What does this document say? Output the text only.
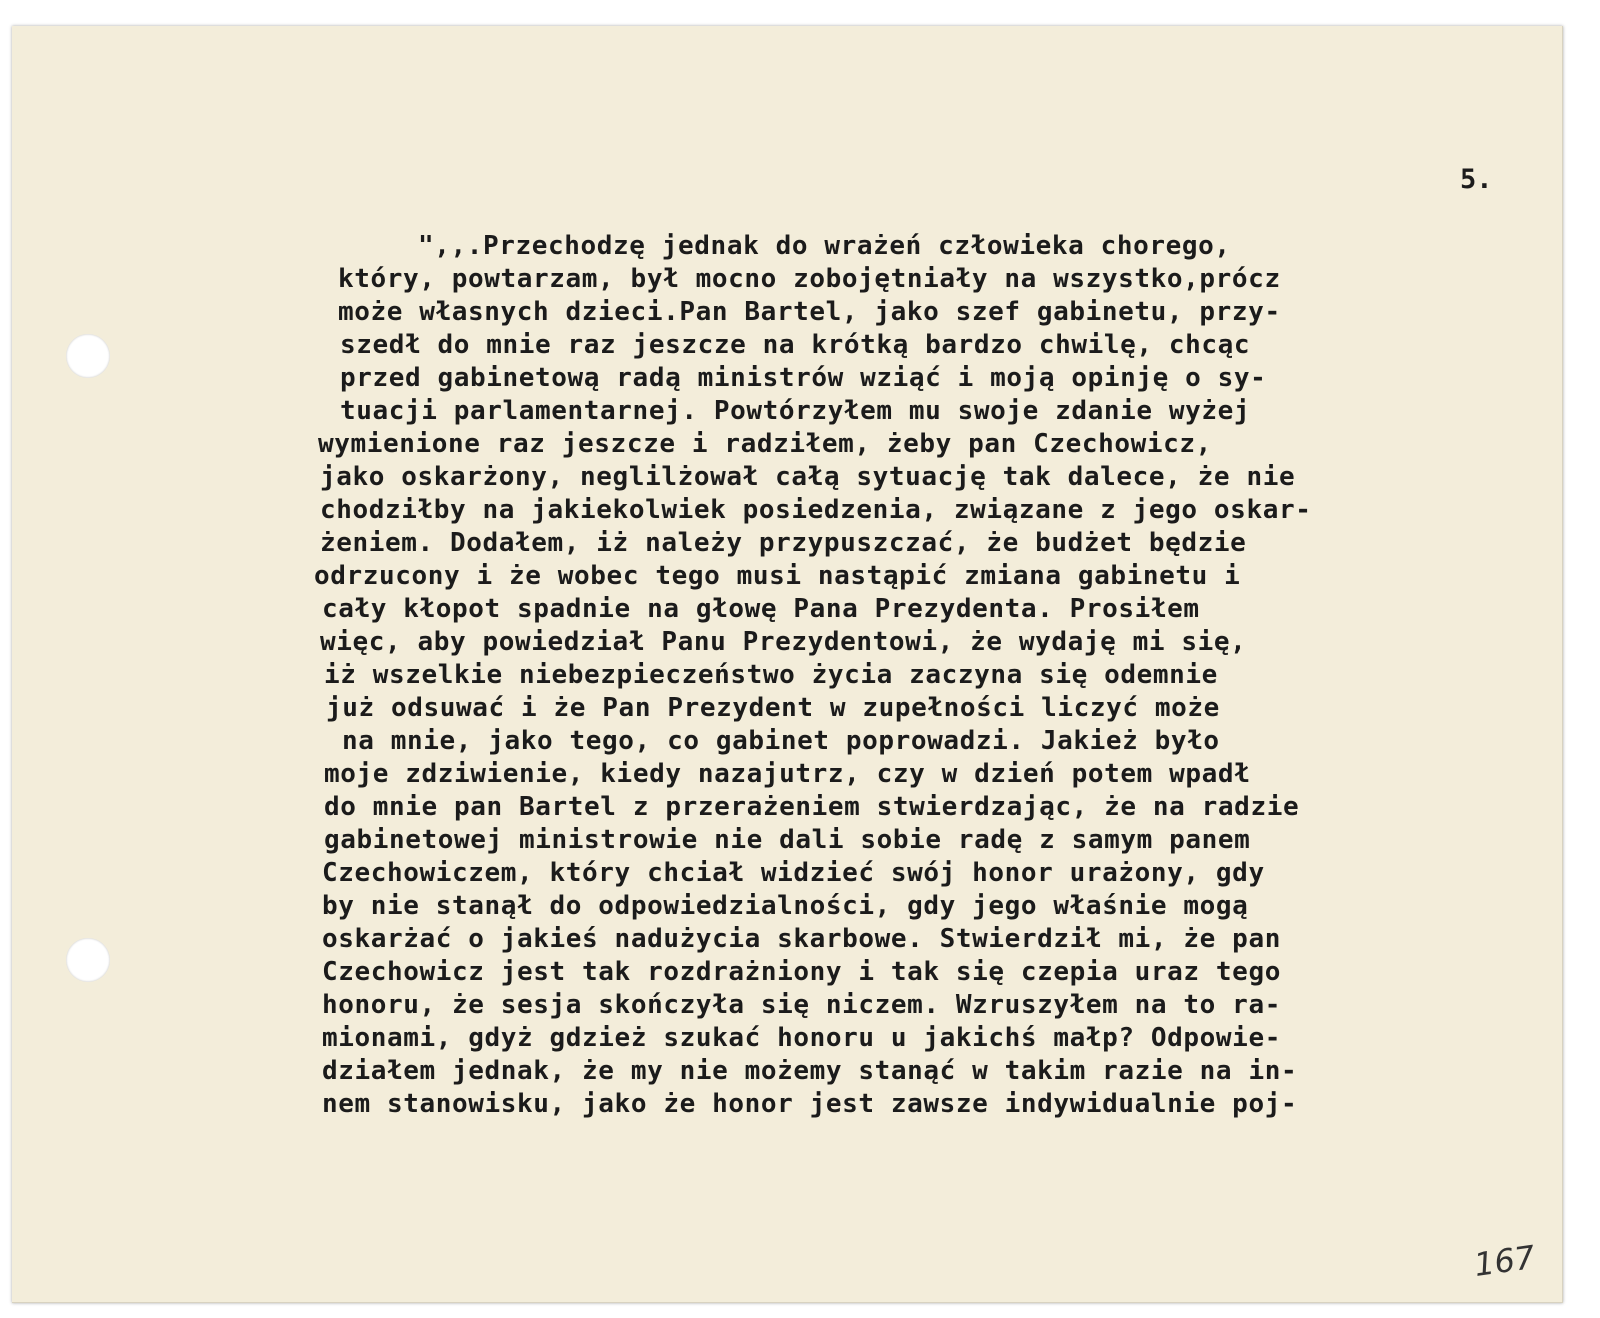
5.
",,.Przechodzę jednak do wrażeń człowieka chorego,
który, powtarzam, był mocno zobojętniały na wszystko,prócz
może własnych dzieci.Pan Bartel, jako szef gabinetu, przy-
szedł do mnie raz jeszcze na krótką bardzo chwilę, chcąc
przed gabinetową radą ministrów wziąć i moją opinję o sy-
tuacji parlamentarnej. Powtórzyłem mu swoje zdanie wyżej
wymienione raz jeszcze i radziłem, żeby pan Czechowicz,
jako oskarżony, neglilżował całą sytuację tak dalece, że nie
chodziłby na jakiekolwiek posiedzenia, związane z jego oskar-
żeniem. Dodałem, iż należy przypuszczać, że budżet będzie
odrzucony i że wobec tego musi nastąpić zmiana gabinetu i
cały kłopot spadnie na głowę Pana Prezydenta. Prosiłem
więc, aby powiedział Panu Prezydentowi, że wydaję mi się,
iż wszelkie niebezpieczeństwo życia zaczyna się odemnie
już odsuwać i że Pan Prezydent w zupełności liczyć może
na mnie, jako tego, co gabinet poprowadzi. Jakież było
moje zdziwienie, kiedy nazajutrz, czy w dzień potem wpadł
do mnie pan Bartel z przerażeniem stwierdzając, że na radzie
gabinetowej ministrowie nie dali sobie radę z samym panem
Czechowiczem, który chciał widzieć swój honor urażony, gdy
by nie stanął do odpowiedzialności, gdy jego właśnie mogą
oskarżać o jakieś nadużycia skarbowe. Stwierdził mi, że pan
Czechowicz jest tak rozdrażniony i tak się czepia uraz tego
honoru, że sesja skończyła się niczem. Wzruszyłem na to ra-
mionami, gdyż gdzież szukać honoru u jakichś małp? Odpowie-
działem jednak, że my nie możemy stanąć w takim razie na in-
nem stanowisku, jako że honor jest zawsze indywidualnie poj-
167
